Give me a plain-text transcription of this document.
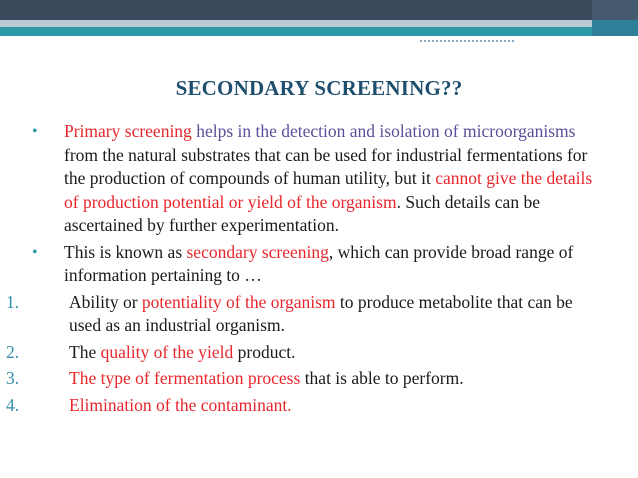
SECONDARY SCREENING??
• Primary screening helps in the detection and isolation of microorganisms from the natural substrates that can be used for industrial fermentations for the production of compounds of human utility, but it cannot give the details of production potential or yield of the organism. Such details can be ascertained by further experimentation.
• This is known as secondary screening, which can provide broad range of information pertaining to …
1.	Ability or potentiality of the organism to produce metabolite that can be used as an industrial organism.
2.	The quality of the yield product.
3.	The type of fermentation process that is able to perform.
4.	Elimination of the contaminant.
